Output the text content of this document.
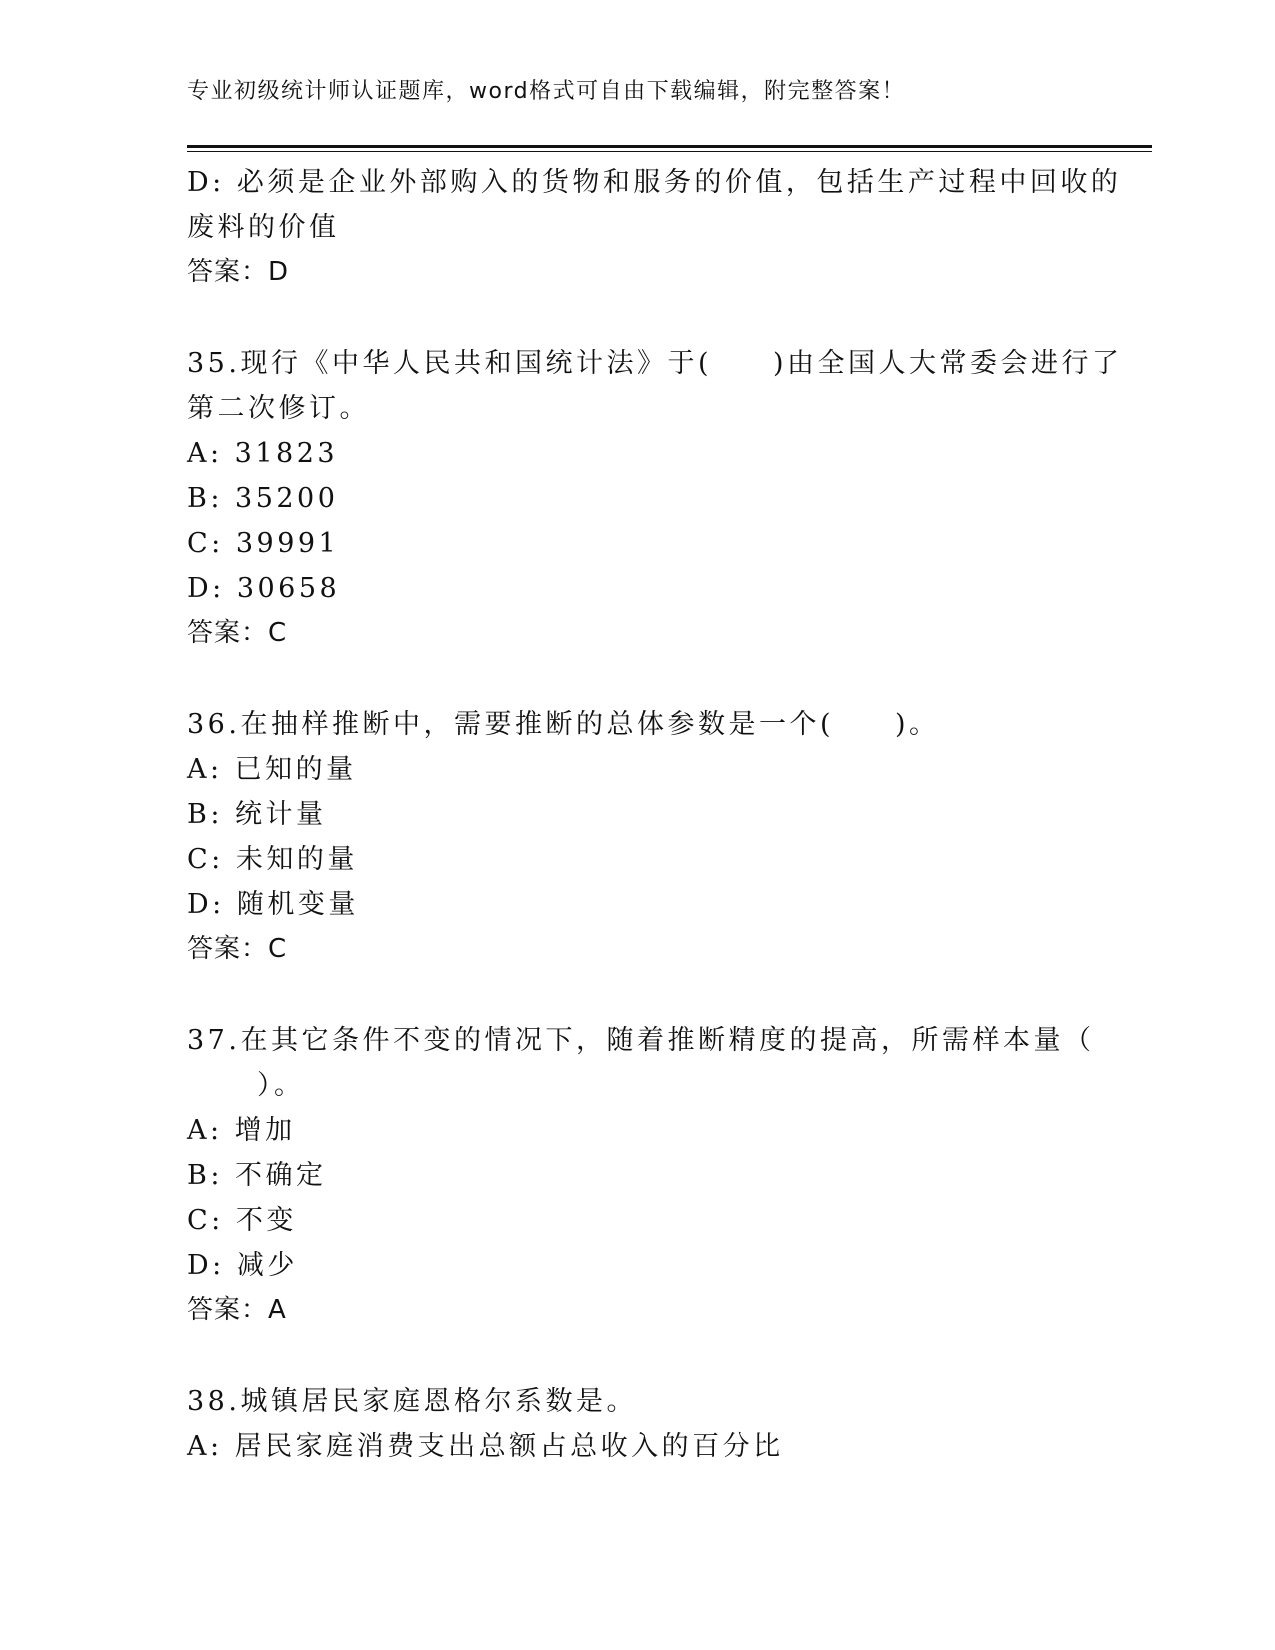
专业初级统计师认证题库，word格式可自由下载编辑，附完整答案！
D: 必须是企业外部购入的货物和服务的价值，包括生产过程中回收的
废料的价值
答案：D
35.现行《中华人民共和国统计法》于(　　)由全国人大常委会进行了
第二次修订。
A: 31823
B: 35200
C: 39991
D: 30658
答案：C
36.在抽样推断中，需要推断的总体参数是一个(　　)。
A: 已知的量
B: 统计量
C: 未知的量
D: 随机变量
答案：C
37.在其它条件不变的情况下，随着推断精度的提高，所需样本量（
）。
A: 增加
B: 不确定
C: 不变
D: 减少
答案：A
38.城镇居民家庭恩格尔系数是。
A: 居民家庭消费支出总额占总收入的百分比
